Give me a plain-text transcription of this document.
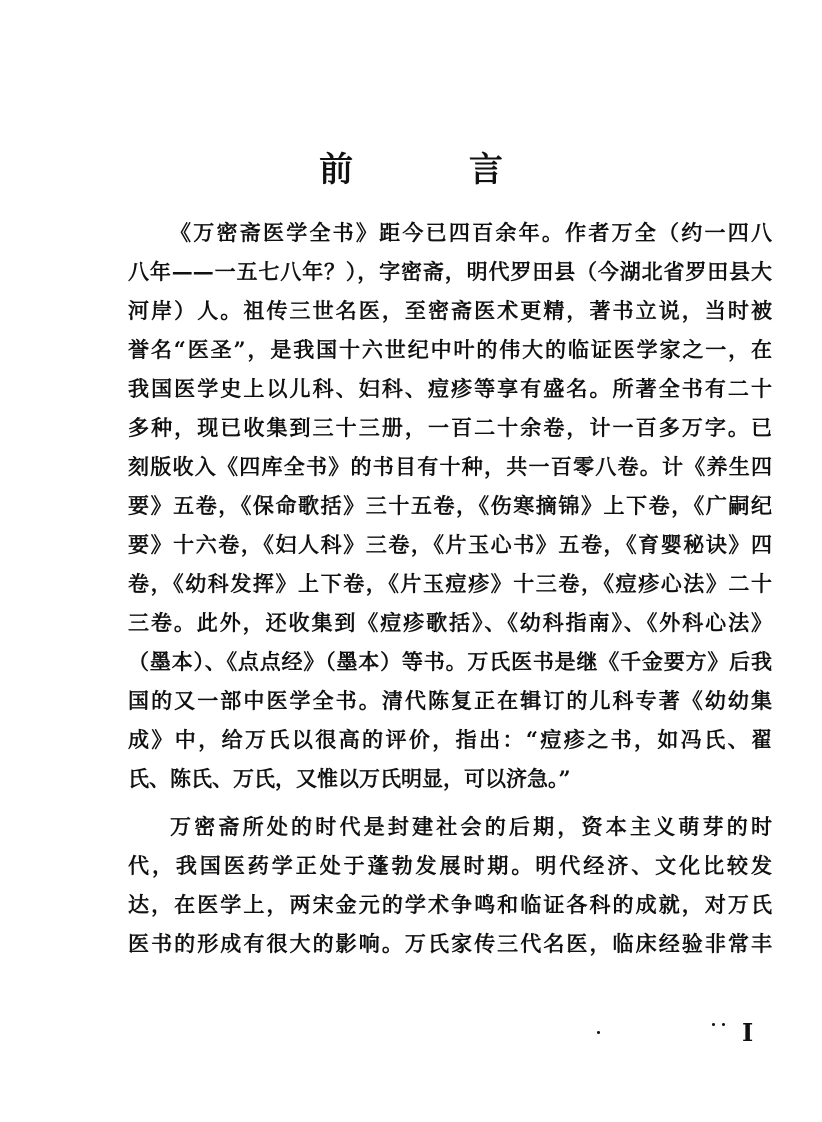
前 言
《万密斋医学全书》距今已四百余年。作者万全（约一四八
八年——一五七八年？），字密斋，明代罗田县（今湖北省罗田县大
河岸）人。祖传三世名医，至密斋医术更精，著书立说，当时被
誉名“医圣”，是我国十六世纪中叶的伟大的临证医学家之一，在
我国医学史上以儿科、妇科、痘疹等享有盛名。所著全书有二十
多种，现已收集到三十三册，一百二十余卷，计一百多万字。已
刻版收入《四库全书》的书目有十种，共一百零八卷。计《养生四
要》五卷，《保命歌括》三十五卷，《伤寒摘锦》上下卷，《广嗣纪
要》十六卷，《妇人科》三卷，《片玉心书》五卷，《育婴秘诀》四
卷，《幼科发挥》上下卷，《片玉痘疹》十三卷，《痘疹心法》二十
三卷。此外，还收集到《痘疹歌括》、《幼科指南》、《外科心法》
（墨本）、《点点经》（墨本）等书。万氏医书是继《千金要方》后我
国的又一部中医学全书。清代陈复正在辑订的儿科专著《幼幼集
成》中，给万氏以很高的评价，指出：“痘疹之书，如冯氏、翟
氏、陈氏、万氏，又惟以万氏明显，可以济急。”
万密斋所处的时代是封建社会的后期，资本主义萌芽的时
代，我国医药学正处于蓬勃发展时期。明代经济、文化比较发
达，在医学上，两宋金元的学术争鸣和临证各科的成就，对万氏
医书的形成有很大的影响。万氏家传三代名医，临床经验非常丰
I
